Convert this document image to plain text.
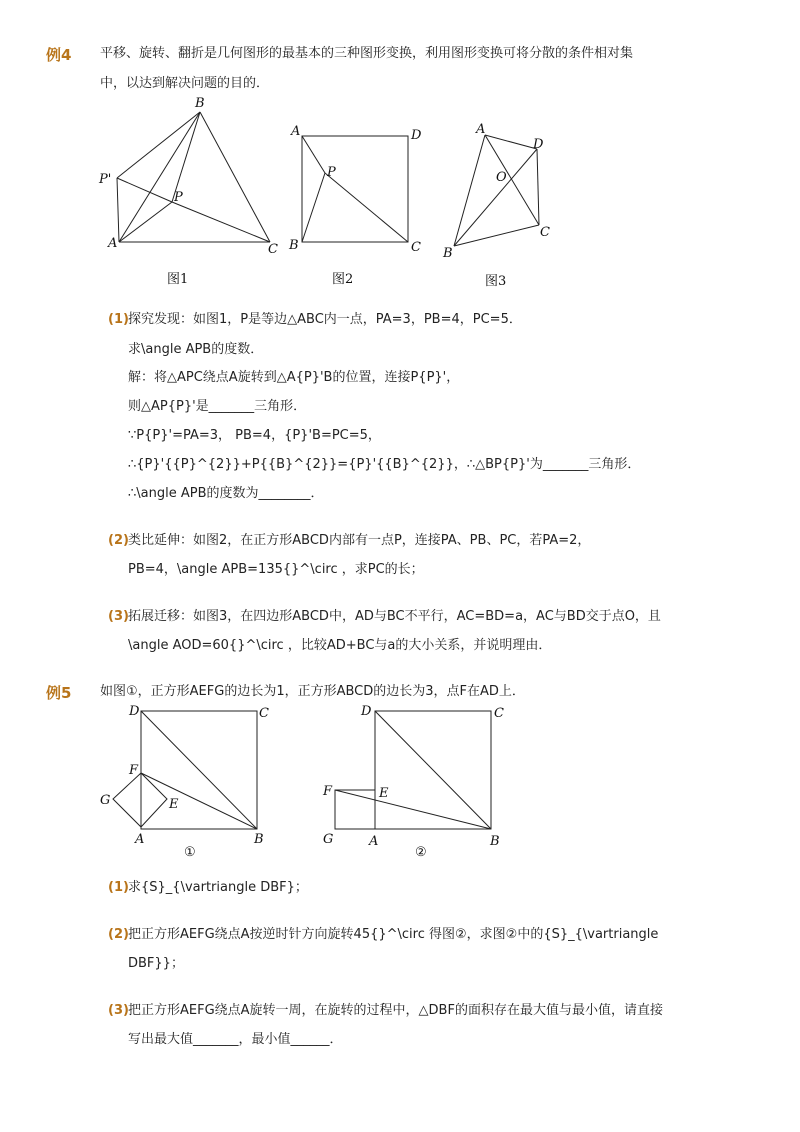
例4 平移、旋转、翻折是几何图形的最基本的三种图形变换，利用图形变换可将分散的条件相对集
中，以达到解决问题的目的．
B
P'
P
A	C
图1
A	D
P
B	C
图2
A
D
O
C
B
图3
(1) 探究发现：如图1，P是等边△ABC内一点，PA=3，PB=4，PC=5．
求\angle APB的度数．
解：将△APC绕点A旋转到△A{P}'B的位置，连接P{P}'，
则△AP{P}'是_______三角形．
∵P{P}'=PA=3， PB=4，{P}'B=PC=5，
∴{P}'{{P}^{2}}+P{{B}^{2}}={P}'{{B}^{2}}，∴△BP{P}'为_______三角形．
∴\angle APB的度数为________．
(2) 类比延伸：如图2，在正方形ABCD内部有一点P，连接PA、PB、PC，若PA=2，
PB=4，\angle APB=135{}^\circ ，求PC的长；
(3) 拓展迁移：如图3，在四边形ABCD中，AD与BC不平行，AC=BD=a，AC与BD交于点O，且
\angle AOD=60{}^\circ ，比较AD+BC与a的大小关系，并说明理由．
例5 如图①，正方形AEFG的边长为1，正方形ABCD的边长为3，点F在AD上．
D	C
F
G	E
A	B
①
D	C
F	E
G	A	B
②
(1) 求{S}_{\vartriangle DBF}；
(2) 把正方形AEFG绕点A按逆时针方向旋转45{}^\circ 得图②，求图②中的{S}_{\vartriangle
DBF}}；
(3) 把正方形AEFG绕点A旋转一周，在旋转的过程中，△DBF的面积存在最大值与最小值，请直接
写出最大值_______，最小值______．
